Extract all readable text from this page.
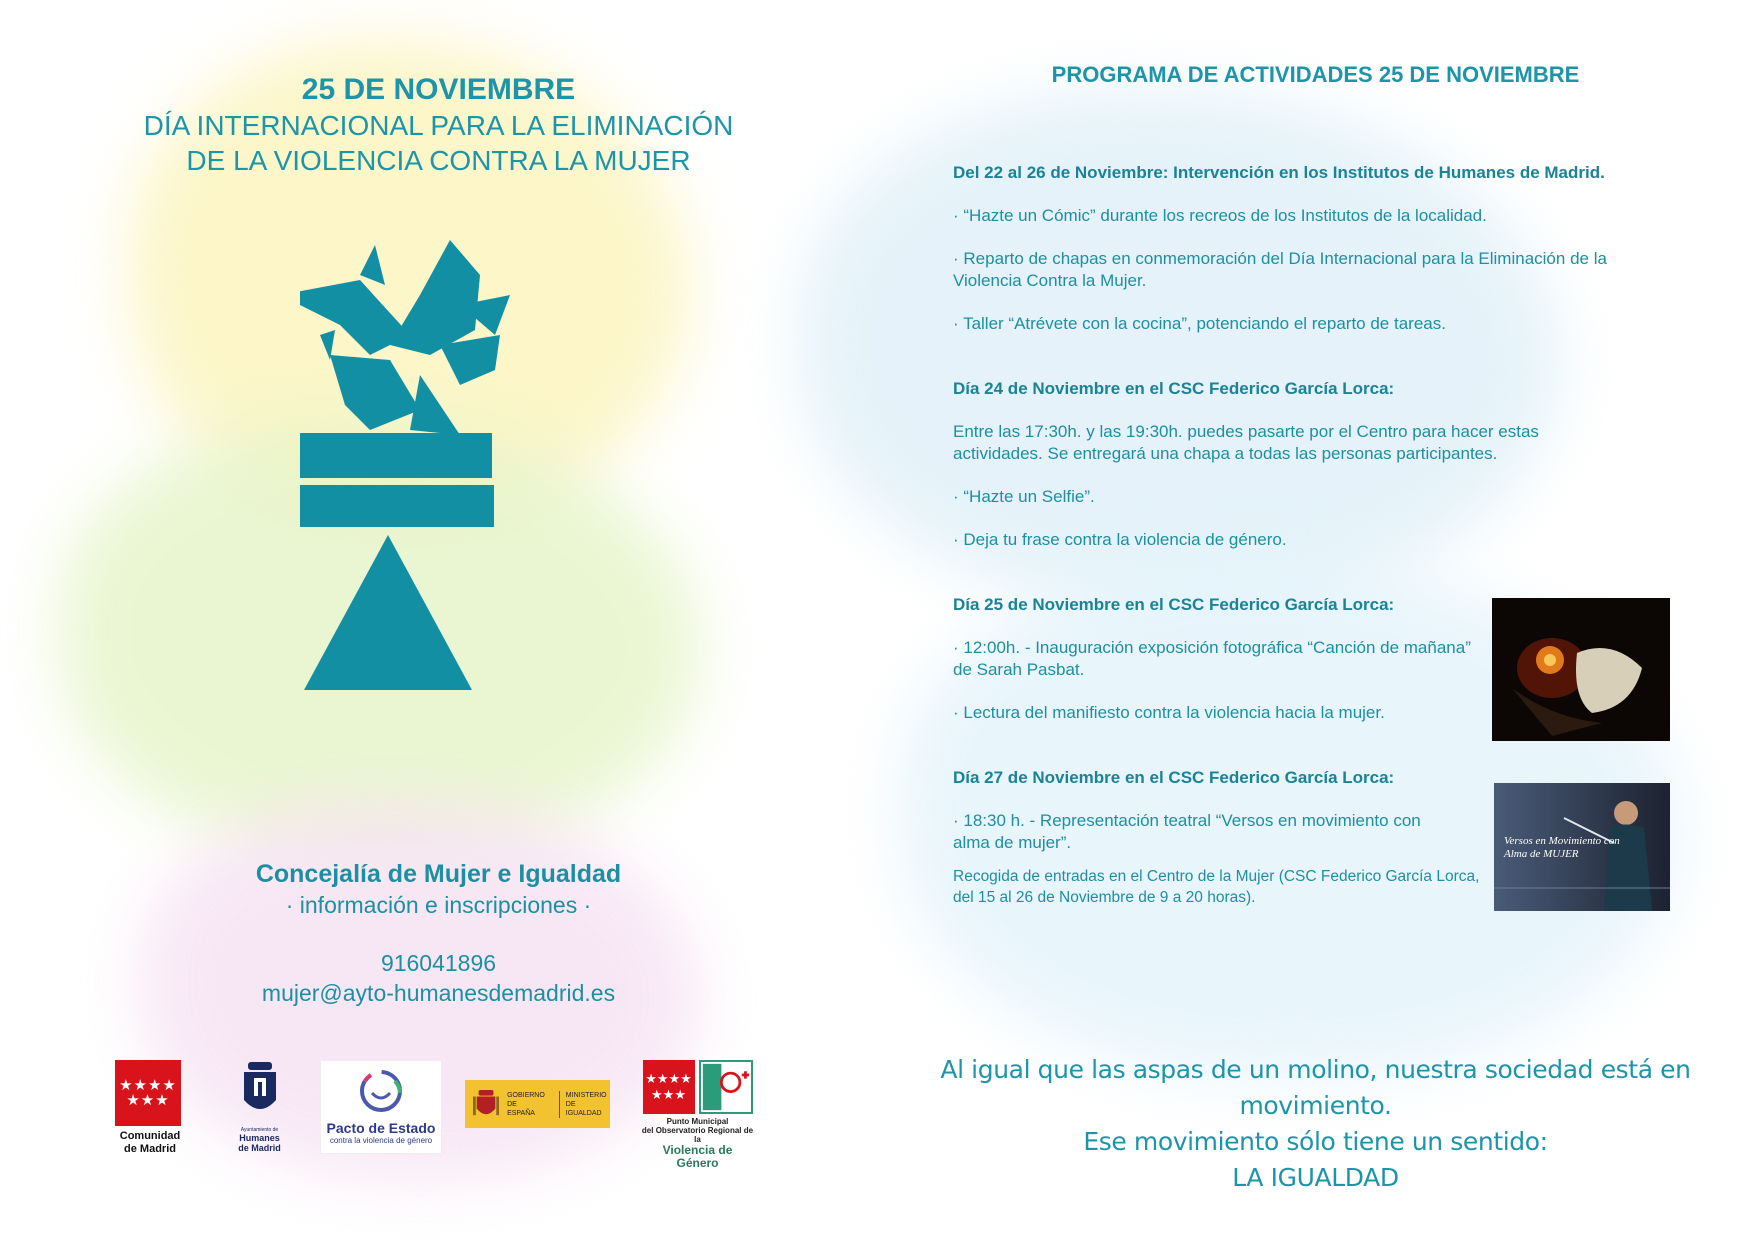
25 DE NOVIEMBRE
DÍA INTERNACIONAL PARA LA ELIMINACIÓN
DE LA VIOLENCIA CONTRA LA MUJER
Concejalía de Mujer e Igualdad
· información e inscripciones ·
916041896
mujer@ayto-humanesdemadrid.es
★★★★
★★★
Comunidad
de Madrid
Ayuntamiento de
Humanes
de Madrid
Pacto de Estado
contra la violencia de género
GOBIERNO
DE ESPAÑA
MINISTERIO
DE IGUALDAD
★★★★
★★★
Punto Municipal
del Observatorio Regional de la
Violencia de Género
PROGRAMA DE ACTIVIDADES 25 DE NOVIEMBRE

Del 22 al 26 de Noviembre: Intervención en los Institutos de Humanes de Madrid.

· “Hazte un Cómic” durante los recreos de los Institutos de la localidad.

· Reparto de chapas en conmemoración del Día Internacional para la Eliminación de la Violencia Contra la Mujer.

· Taller “Atrévete con la cocina”, potenciando el reparto de tareas.

Día 24 de Noviembre en el CSC Federico García Lorca:

Entre las 17:30h. y las 19:30h. puedes pasarte por el Centro para hacer estas actividades. Se entregará una chapa a todas las personas participantes.

· “Hazte un Selfie”.

· Deja tu frase contra la violencia de género.

Día 25 de Noviembre en el CSC Federico García Lorca:

· 12:00h. - Inauguración exposición fotográfica “Canción de mañana” de Sarah Pasbat.

· Lectura del manifiesto contra la violencia hacia la mujer.

Día 27 de Noviembre en el CSC Federico García Lorca:

· 18:30 h. - Representación teatral “Versos en movimiento con alma de mujer”.

Recogida de entradas en el Centro de la Mujer (CSC Federico García Lorca, del 15 al 26 de Noviembre de 9 a 20 horas).

Al igual que las aspas de un molino, nuestra sociedad está en movimiento.
Ese movimiento sólo tiene un sentido:
LA IGUALDAD
Versos en Movimiento con Alma de MUJER
